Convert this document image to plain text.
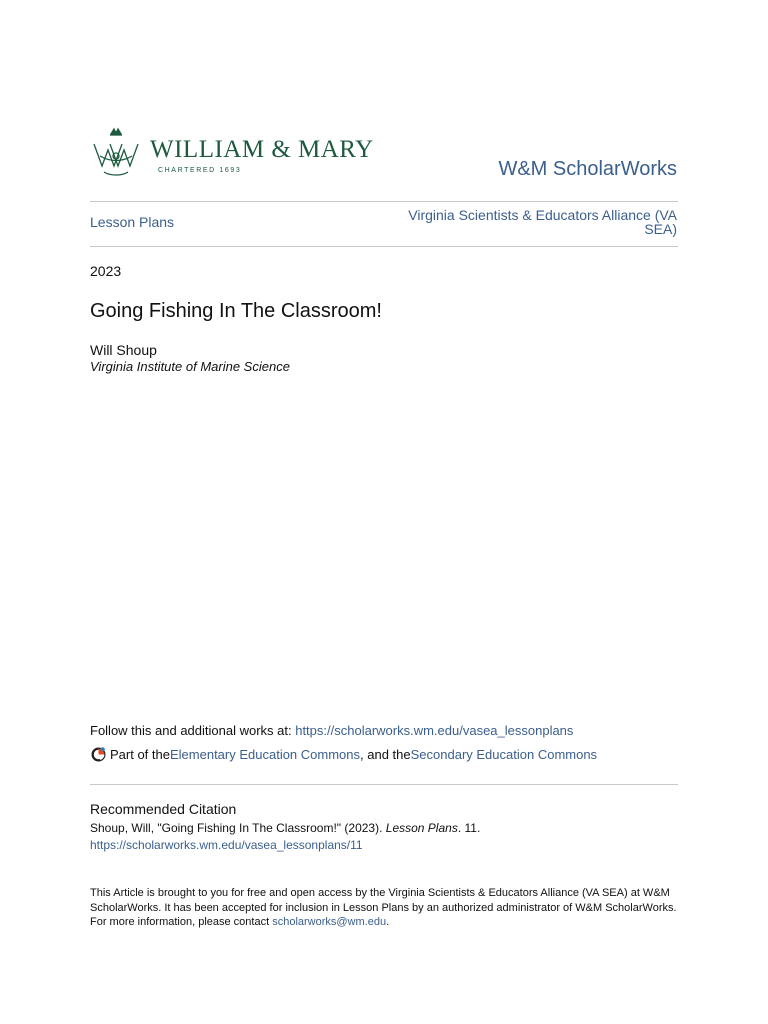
WILLIAM & MARY
CHARTERED 1693	W&M ScholarWorks
Lesson Plans	Virginia Scientists & Educators Alliance (VA SEA)
2023
Going Fishing In The Classroom!
Will Shoup
Virginia Institute of Marine Science
Follow this and additional works at: https://scholarworks.wm.edu/vasea_lessonplans
Part of the Elementary Education Commons , and the Secondary Education Commons
Recommended Citation
Shoup, Will, "Going Fishing In The Classroom!" (2023). Lesson Plans. 11.
https://scholarworks.wm.edu/vasea_lessonplans/11
This Article is brought to you for free and open access by the Virginia Scientists & Educators Alliance (VA SEA) at W&M ScholarWorks. It has been accepted for inclusion in Lesson Plans by an authorized administrator of W&M ScholarWorks. For more information, please contact scholarworks@wm.edu.
